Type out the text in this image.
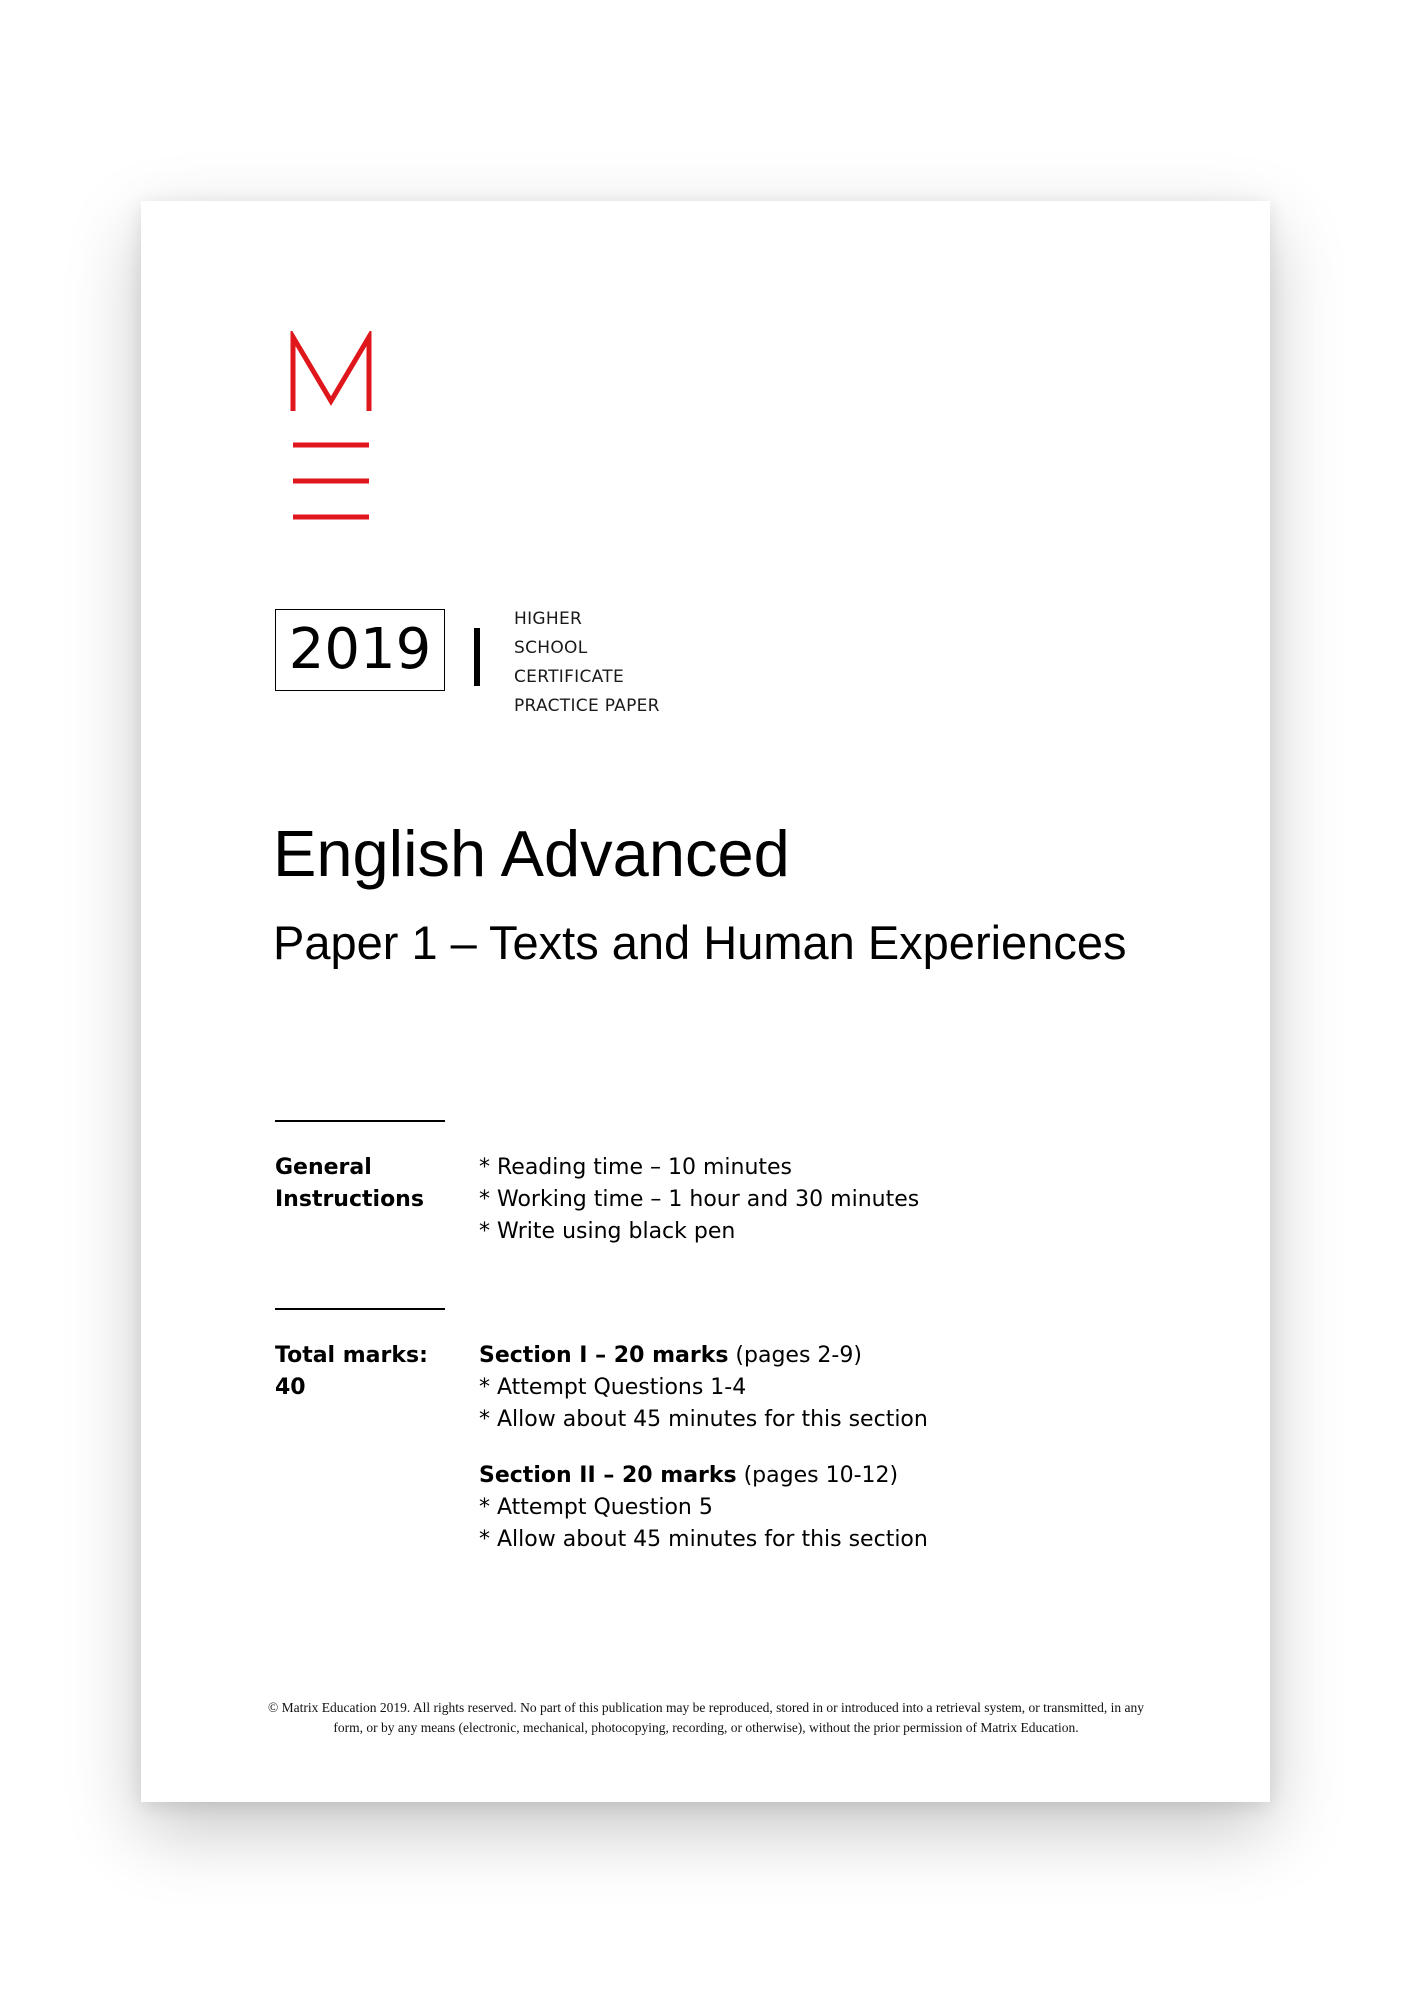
2019	HIGHER
SCHOOL
CERTIFICATE
PRACTICE PAPER
English Advanced
Paper 1 – Texts and Human Experiences
General
Instructions
* Reading time – 10 minutes
* Working time – 1 hour and 30 minutes
* Write using black pen
Total marks:
40
Section I – 20 marks (pages 2-9)
* Attempt Questions 1-4
* Allow about 45 minutes for this section
Section II – 20 marks (pages 10-12)
* Attempt Question 5
* Allow about 45 minutes for this section
© Matrix Education 2019. All rights reserved. No part of this publication may be reproduced, stored in or introduced into a retrieval system, or transmitted, in any
form, or by any means (electronic, mechanical, photocopying, recording, or otherwise), without the prior permission of Matrix Education.
